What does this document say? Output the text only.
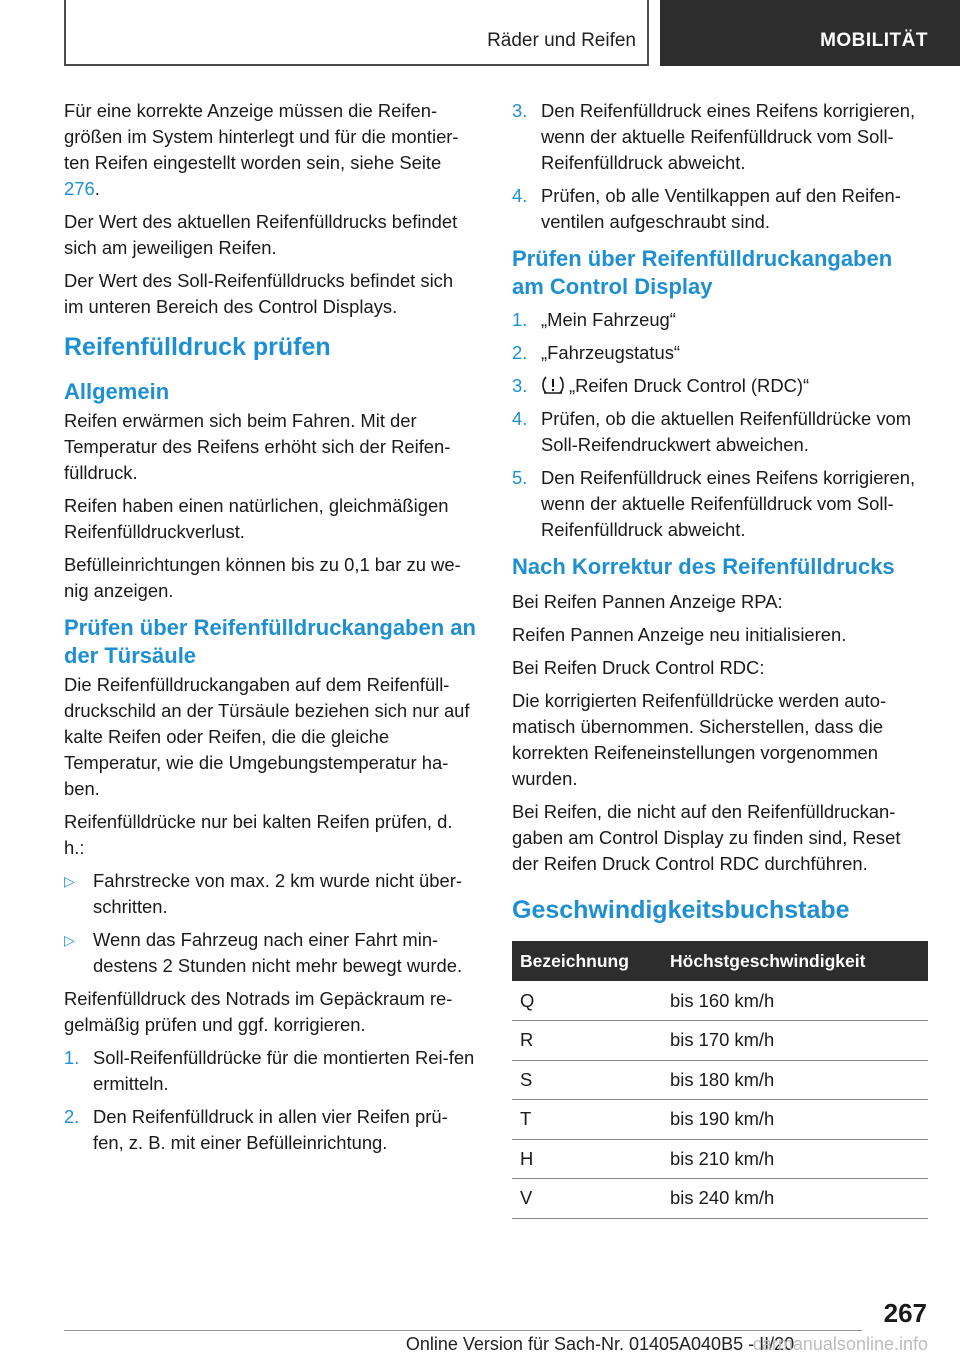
Räder und Reifen	MOBILITÄT

Für eine korrekte Anzeige müssen die Reifen-größen im System hinterlegt und für die montier-ten Reifen eingestellt worden sein, siehe Seite 276.

Der Wert des aktuellen Reifenfülldrucks befindet sich am jeweiligen Reifen.

Der Wert des Soll-Reifenfülldrucks befindet sich im unteren Bereich des Control Displays.

Reifenfülldruck prüfen
Allgemein

Reifen erwärmen sich beim Fahren. Mit der Temperatur des Reifens erhöht sich der Reifen-fülldruck.

Reifen haben einen natürlichen, gleichmäßigen Reifenfülldruckverlust.

Befülleinrichtungen können bis zu 0,1 bar zu we-nig anzeigen.

Prüfen über Reifenfülldruckangaben an der Türsäule

Die Reifenfülldruckangaben auf dem Reifenfüll-druckschild an der Türsäule beziehen sich nur auf kalte Reifen oder Reifen, die die gleiche Temperatur, wie die Umgebungstemperatur ha-ben.

Reifenfülldrücke nur bei kalten Reifen prüfen, d. h.:

▷ Fahrstrecke von max. 2 km wurde nicht über-schritten.
▷ Wenn das Fahrzeug nach einer Fahrt min-destens 2 Stunden nicht mehr bewegt wurde.

Reifenfülldruck des Notrads im Gepäckraum re-gelmäßig prüfen und ggf. korrigieren.

1. Soll-Reifenfülldrücke für die montierten Rei-fen ermitteln.
2. Den Reifenfülldruck in allen vier Reifen prü-fen, z. B. mit einer Befülleinrichtung.
3. Den Reifenfülldruck eines Reifens korrigieren, wenn der aktuelle Reifenfülldruck vom Soll-Reifenfülldruck abweicht.
4. Prüfen, ob alle Ventilkappen auf den Reifen-ventilen aufgeschraubt sind.
Prüfen über Reifenfülldruckangaben am Control Display
1. „Mein Fahrzeug“
2. „Fahrzeugstatus“
3. „Reifen Druck Control (RDC)“
4. Prüfen, ob die aktuellen Reifenfülldrücke vom Soll-Reifendruckwert abweichen.
5. Den Reifenfülldruck eines Reifens korrigieren, wenn der aktuelle Reifenfülldruck vom Soll-Reifenfülldruck abweicht.
Nach Korrektur des Reifenfülldrucks

Bei Reifen Pannen Anzeige RPA:

Reifen Pannen Anzeige neu initialisieren.

Bei Reifen Druck Control RDC:

Die korrigierten Reifenfülldrücke werden auto-matisch übernommen. Sicherstellen, dass die korrekten Reifeneinstellungen vorgenommen wurden.

Bei Reifen, die nicht auf den Reifenfülldruckan-gaben am Control Display zu finden sind, Reset der Reifen Druck Control RDC durchführen.

Geschwindigkeitsbuchstabe
Bezeichnung	Höchstgeschwindigkeit
Q	bis 160 km/h
R	bis 170 km/h
S	bis 180 km/h
T	bis 190 km/h
H	bis 210 km/h
V	bis 240 km/h
267
Online Version für Sach-Nr. 01405A040B5 - II/20
carmanualsonline.info
